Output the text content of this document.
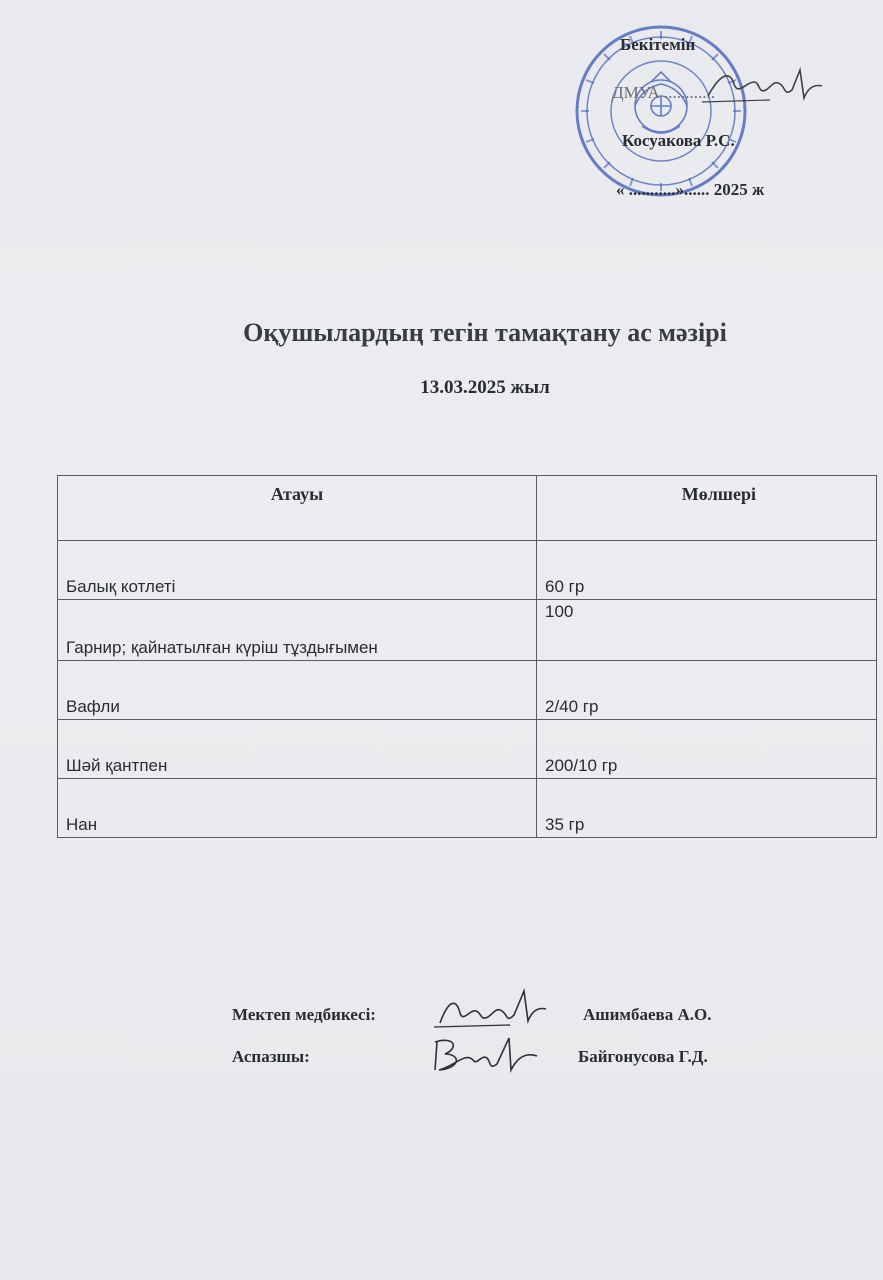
Бекітемін
ДМУА ............
Косуакова Р.С.
« ...........»...... 2025 ж
Оқушылардың тегін тамақтану ас мәзірі
13.03.2025 жыл
Атауы	Мөлшері
Балық котлеті	60 гр
Гарнир; қайнатылған күріш тұздығымен	100
Вафли	2/40 гр
Шәй қантпен	200/10 гр
Нан	35 гр
Мектеп медбикесі:	Ашимбаева А.О.
Аспазшы:	Байгонусова Г.Д.
